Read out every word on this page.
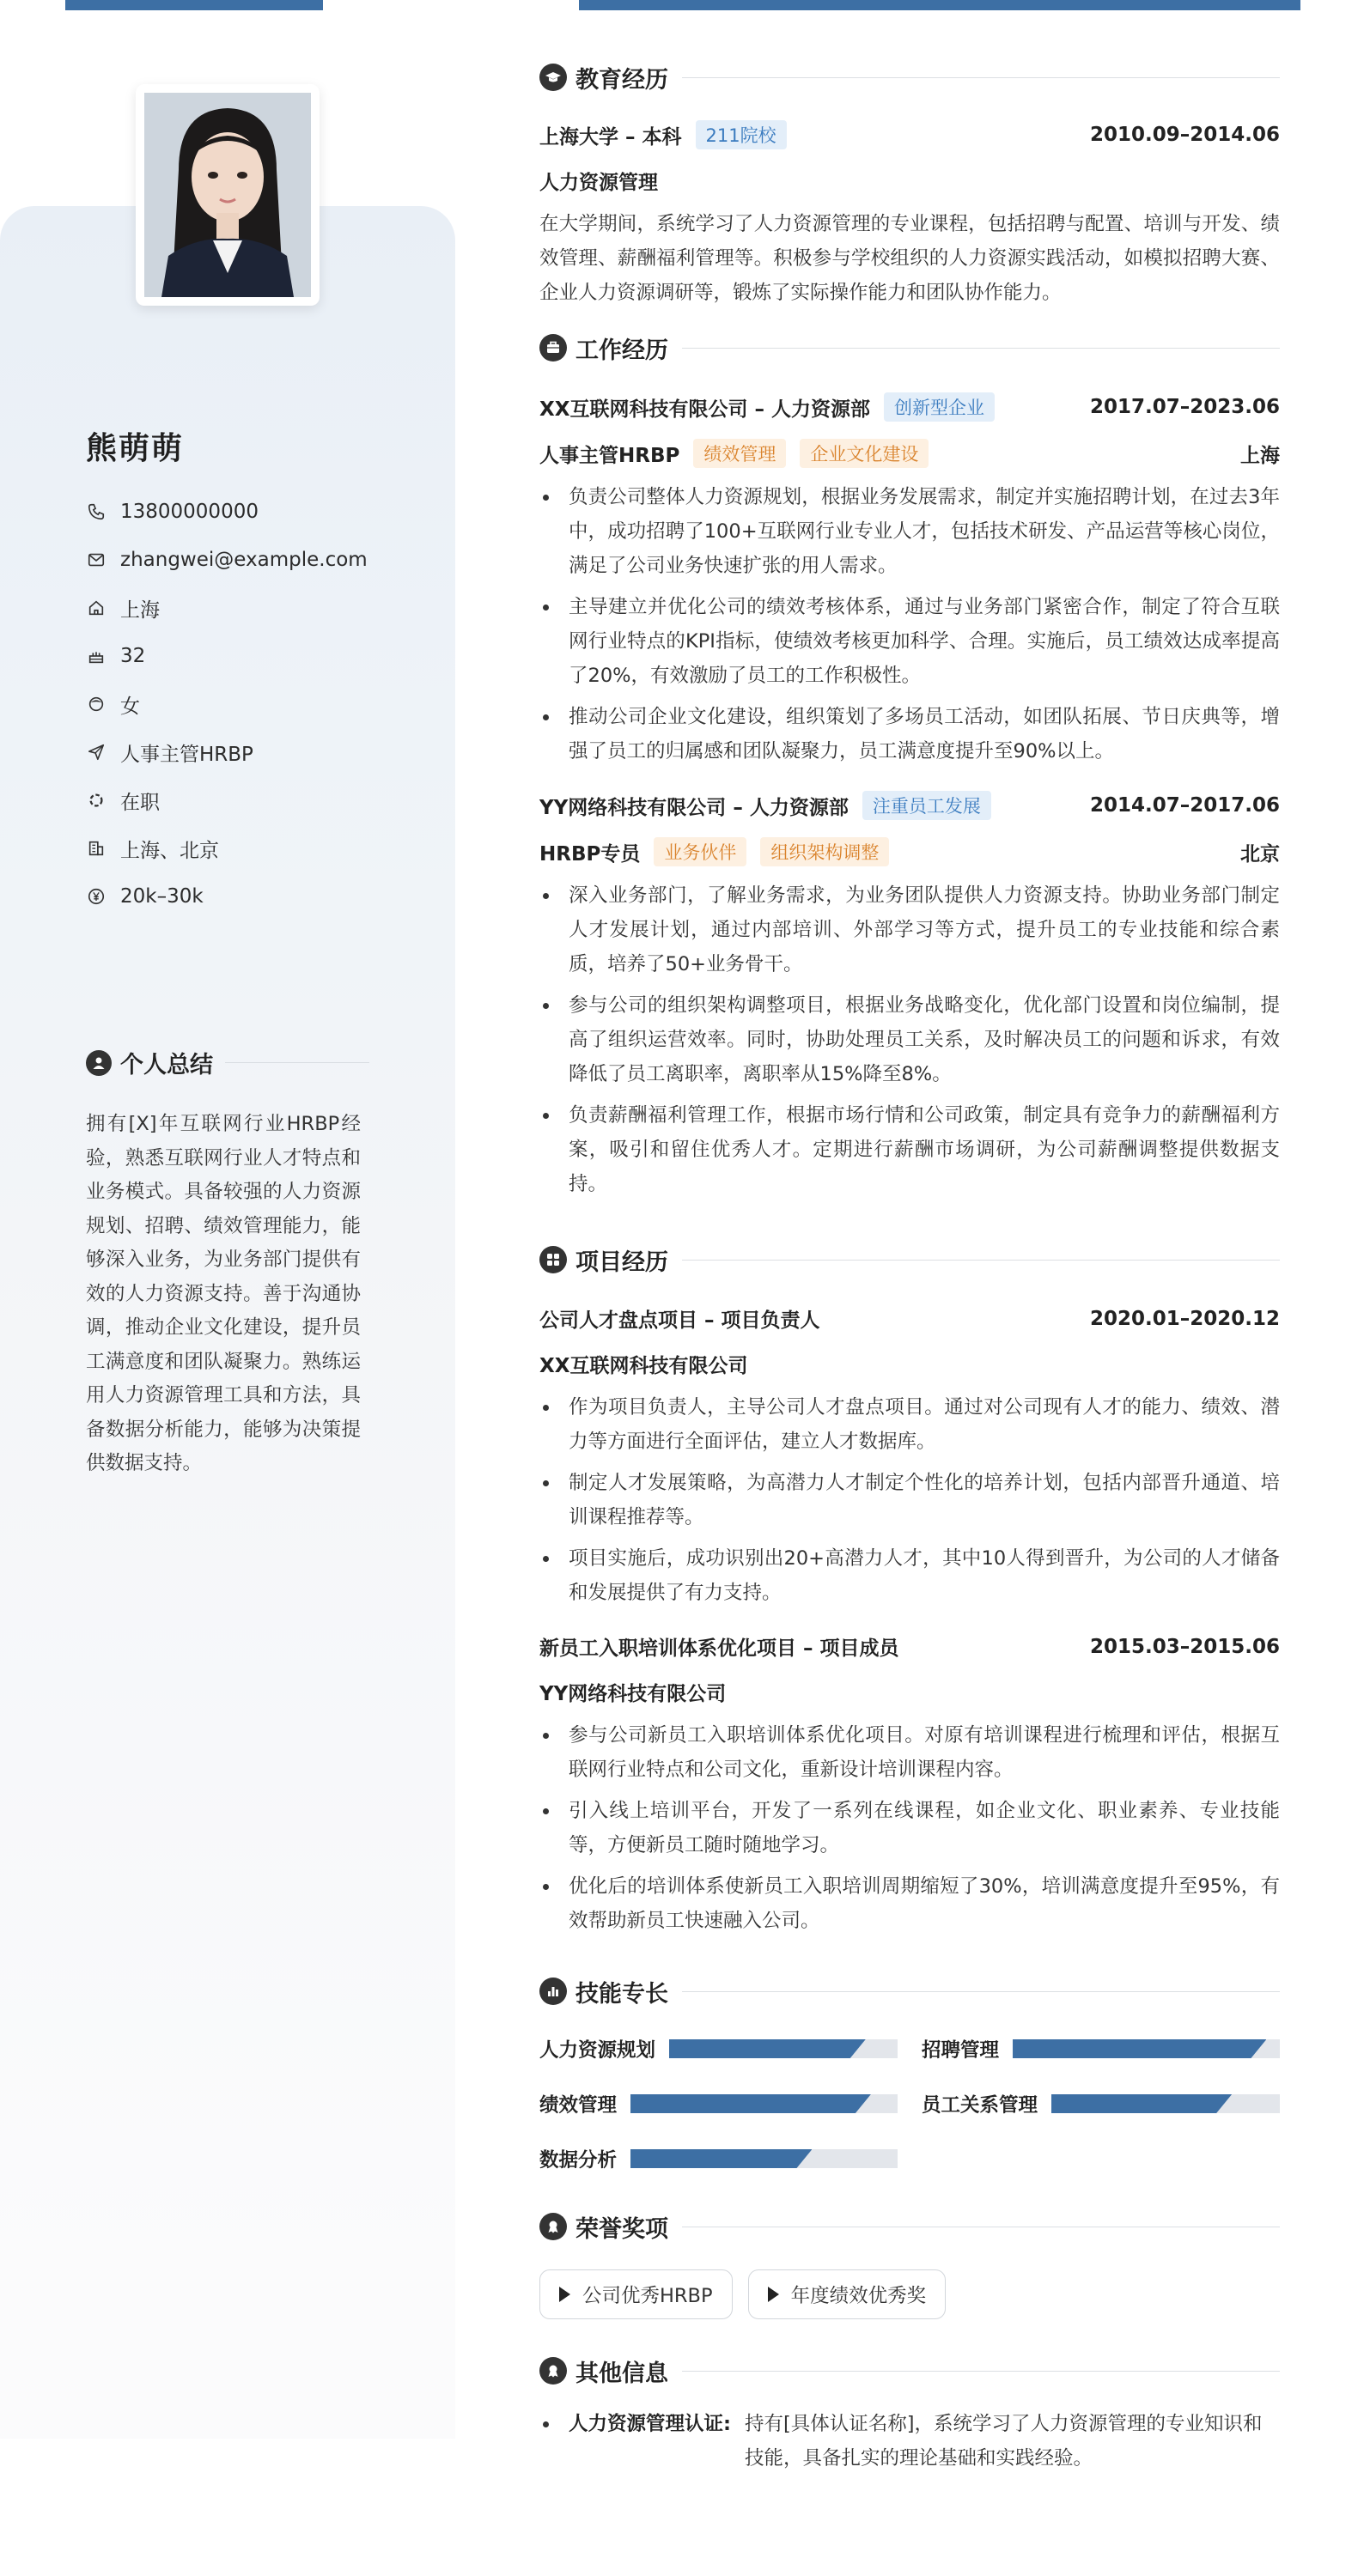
熊萌萌
13800000000
zhangwei@example.com
上海
32
女
人事主管HRBP
在职
上海、北京
20k–30k
个人总结
拥有[X]年互联网行业HRBP经验，熟悉互联网行业人才特点和业务模式。具备较强的人力资源规划、招聘、绩效管理能力，能够深入业务，为业务部门提供有效的人力资源支持。善于沟通协调，推动企业文化建设，提升员工满意度和团队凝聚力。熟练运用人力资源管理工具和方法，具备数据分析能力，能够为决策提供数据支持。
教育经历
上海大学 – 本科	211院校	2010.09–2014.06
人力资源管理
在大学期间，系统学习了人力资源管理的专业课程，包括招聘与配置、培训与开发、绩效管理、薪酬福利管理等。积极参与学校组织的人力资源实践活动，如模拟招聘大赛、企业人力资源调研等，锻炼了实际操作能力和团队协作能力。
工作经历
XX互联网科技有限公司 – 人力资源部	创新型企业	2017.07–2023.06
人事主管HRBP	绩效管理	企业文化建设	上海
负责公司整体人力资源规划，根据业务发展需求，制定并实施招聘计划，在过去3年中，成功招聘了100+互联网行业专业人才，包括技术研发、产品运营等核心岗位，满足了公司业务快速扩张的用人需求。
主导建立并优化公司的绩效考核体系，通过与业务部门紧密合作，制定了符合互联网行业特点的KPI指标，使绩效考核更加科学、合理。实施后，员工绩效达成率提高了20%，有效激励了员工的工作积极性。
推动公司企业文化建设，组织策划了多场员工活动，如团队拓展、节日庆典等，增强了员工的归属感和团队凝聚力，员工满意度提升至90%以上。
YY网络科技有限公司 – 人力资源部	注重员工发展	2014.07–2017.06
HRBP专员	业务伙伴	组织架构调整	北京
深入业务部门，了解业务需求，为业务团队提供人力资源支持。协助业务部门制定人才发展计划，通过内部培训、外部学习等方式，提升员工的专业技能和综合素质，培养了50+业务骨干。
参与公司的组织架构调整项目，根据业务战略变化，优化部门设置和岗位编制，提高了组织运营效率。同时，协助处理员工关系，及时解决员工的问题和诉求，有效降低了员工离职率，离职率从15%降至8%。
负责薪酬福利管理工作，根据市场行情和公司政策，制定具有竞争力的薪酬福利方案，吸引和留住优秀人才。定期进行薪酬市场调研，为公司薪酬调整提供数据支持。
项目经历
公司人才盘点项目 – 项目负责人	2020.01–2020.12
XX互联网科技有限公司
作为项目负责人，主导公司人才盘点项目。通过对公司现有人才的能力、绩效、潜力等方面进行全面评估，建立人才数据库。
制定人才发展策略，为高潜力人才制定个性化的培养计划，包括内部晋升通道、培训课程推荐等。
项目实施后，成功识别出20+高潜力人才，其中10人得到晋升，为公司的人才储备和发展提供了有力支持。
新员工入职培训体系优化项目 – 项目成员	2015.03–2015.06
YY网络科技有限公司
参与公司新员工入职培训体系优化项目。对原有培训课程进行梳理和评估，根据互联网行业特点和公司文化，重新设计培训课程内容。
引入线上培训平台，开发了一系列在线课程，如企业文化、职业素养、专业技能等，方便新员工随时随地学习。
优化后的培训体系使新员工入职培训周期缩短了30%，培训满意度提升至95%，有效帮助新员工快速融入公司。
技能专长
人力资源规划	招聘管理
绩效管理	员工关系管理
数据分析
荣誉奖项
公司优秀HRBP	年度绩效优秀奖
其他信息
人力资源管理认证: 持有[具体认证名称]，系统学习了人力资源管理的专业知识和技能，具备扎实的理论基础和实践经验。
